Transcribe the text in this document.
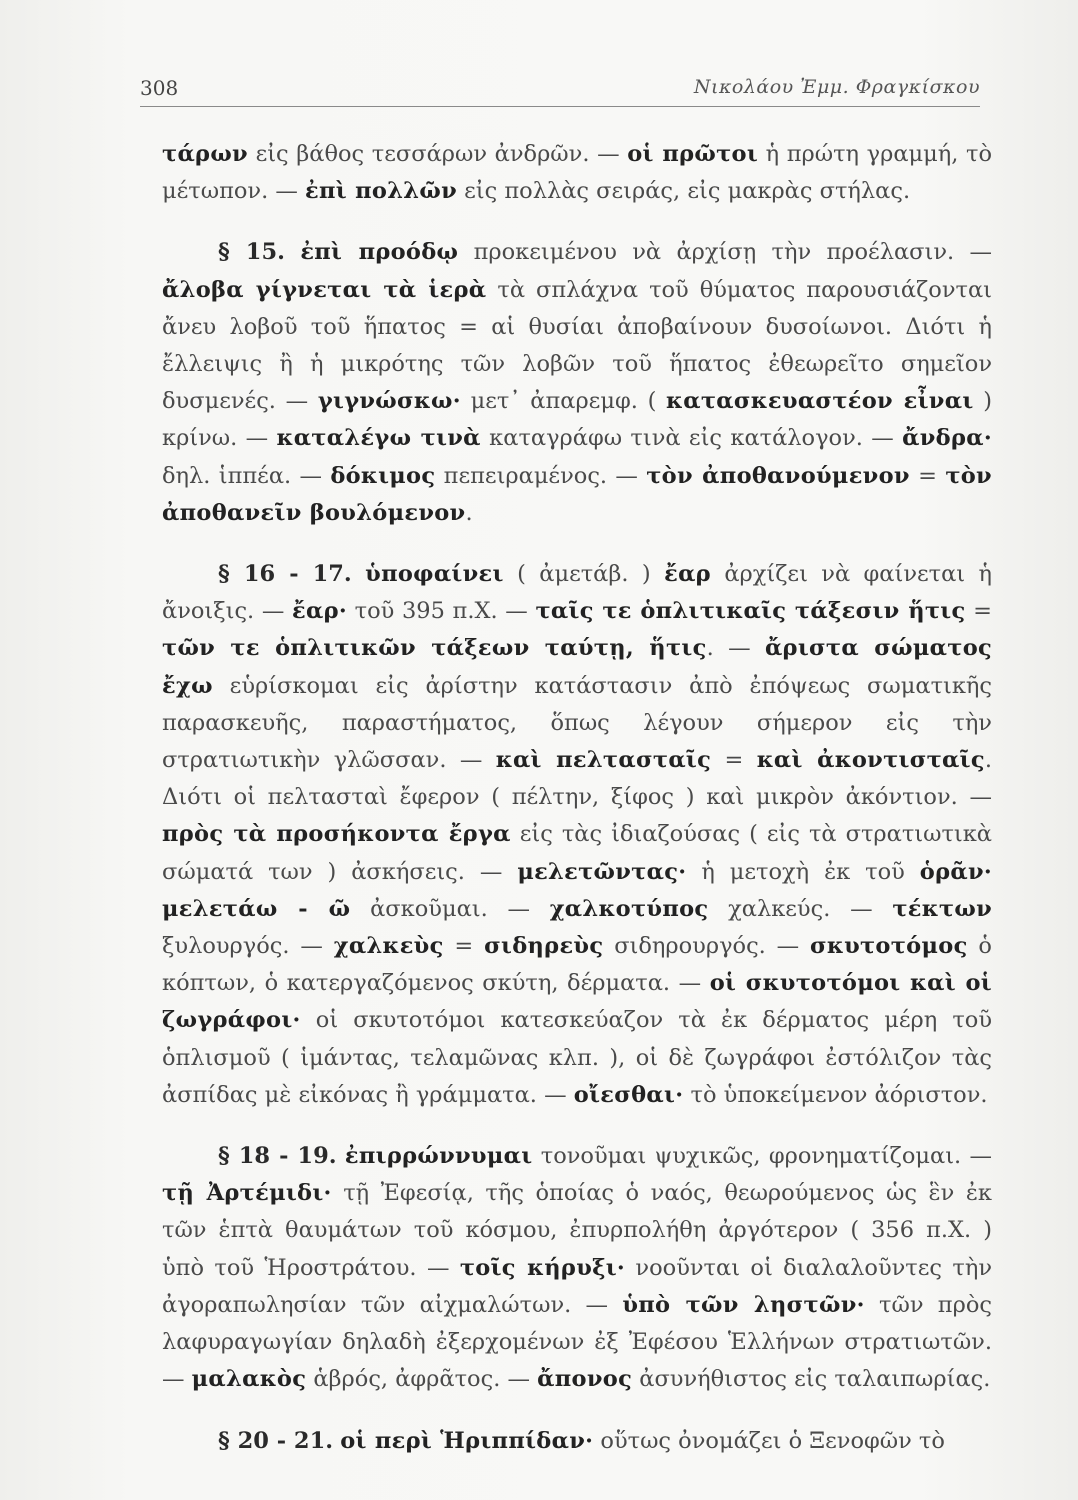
308	Νικολάου Ἐμμ. Φραγκίσκου

τάρων εἰς βάθος τεσσάρων ἀνδρῶν. — οἱ πρῶτοι ἡ πρώτη γραμμή, τὸ μέτωπον. — ἐπὶ πολλῶν εἰς πολλὰς σειράς, εἰς μακρὰς στήλας.

§ 15. ἐπὶ προόδῳ προκειμένου νὰ ἀρχίσῃ τὴν προέλασιν. — ἄλοβα γίγνεται τὰ ἱερὰ τὰ σπλάχνα τοῦ θύματος παρουσιάζονται ἄνευ λοβοῦ τοῦ ἥπατος = αἱ θυσίαι ἀποβαίνουν δυσοίωνοι. Διότι ἡ ἔλλειψις ἢ ἡ μικρότης τῶν λοβῶν τοῦ ἥπατος ἐθεωρεῖτο σημεῖον δυσμενές. — γιγνώσκω· μετ᾿ ἀπαρεμφ. ( κατασκευαστέον εἶναι ) κρίνω. — καταλέγω τινὰ καταγράφω τινὰ εἰς κατάλογον. — ἄνδρα· δηλ. ἱππέα. — δόκιμος πεπειραμένος. — τὸν ἀποθανούμενον = τὸν ἀποθανεῖν βουλόμενον.

§ 16 - 17. ὑποφαίνει ( ἀμετάβ. ) ἔαρ ἀρχίζει νὰ φαίνεται ἡ ἄνοιξις. — ἔαρ· τοῦ 395 π.Χ. — ταῖς τε ὁπλιτικαῖς τάξεσιν ἥτις = τῶν τε ὁπλιτικῶν τάξεων ταύτῃ, ἥτις. — ἄριστα σώματος ἔχω εὑρίσκομαι εἰς ἀρίστην κατάστασιν ἀπὸ ἐπόψεως σωματικῆς παρασκευῆς, παραστήματος, ὅπως λέγουν σήμερον εἰς τὴν στρατιωτικὴν γλῶσσαν. — καὶ πελτασταῖς = καὶ ἀκοντισταῖς. Διότι οἱ πελτασταὶ ἔφερον ( πέλτην, ξίφος ) καὶ μικρὸν ἀκόντιον. — πρὸς τὰ προσήκοντα ἔργα εἰς τὰς ἰδιαζούσας ( εἰς τὰ στρατιωτικὰ σώματά των ) ἀσκήσεις. — μελετῶντας· ἡ μετοχὴ ἐκ τοῦ ὁρᾶν· μελετάω - ῶ ἀσκοῦμαι. — χαλκοτύπος χαλκεύς. — τέκτων ξυλουργός. — χαλκεὺς = σιδηρεὺς σιδηρουργός. — σκυτοτόμος ὁ κόπτων, ὁ κατεργαζόμενος σκύτη, δέρματα. — οἱ σκυτοτόμοι καὶ οἱ ζωγράφοι· οἱ σκυτοτόμοι κατεσκεύαζον τὰ ἐκ δέρματος μέρη τοῦ ὁπλισμοῦ ( ἱμάντας, τελαμῶνας κλπ. ), οἱ δὲ ζωγράφοι ἐστόλιζον τὰς ἀσπίδας μὲ εἰκόνας ἢ γράμματα. — οἴεσθαι· τὸ ὑποκείμενον ἀόριστον.

§ 18 - 19. ἐπιρρώννυμαι τονοῦμαι ψυχικῶς, φρονηματίζομαι. — τῇ Ἀρτέμιδι· τῇ Ἐφεσίᾳ, τῆς ὁποίας ὁ ναός, θεωρούμενος ὡς ἓν ἐκ τῶν ἑπτὰ θαυμάτων τοῦ κόσμου, ἐπυρπολήθη ἀργότερον ( 356 π.Χ. ) ὑπὸ τοῦ Ἡροστράτου. — τοῖς κήρυξι· νοοῦνται οἱ διαλαλοῦντες τὴν ἀγοραπωλησίαν τῶν αἰχμαλώτων. — ὑπὸ τῶν ληστῶν· τῶν πρὸς λαφυραγωγίαν δηλαδὴ ἐξερχομένων ἐξ Ἐφέσου Ἑλλήνων στρατιωτῶν. — μαλακὸς ἁβρός, ἀφρᾶτος. — ἄπονος ἀσυνήθιστος εἰς ταλαιπωρίας.

§ 20 - 21. οἱ περὶ Ἡριππίδαν· οὕτως ὀνομάζει ὁ Ξενοφῶν τὸ
